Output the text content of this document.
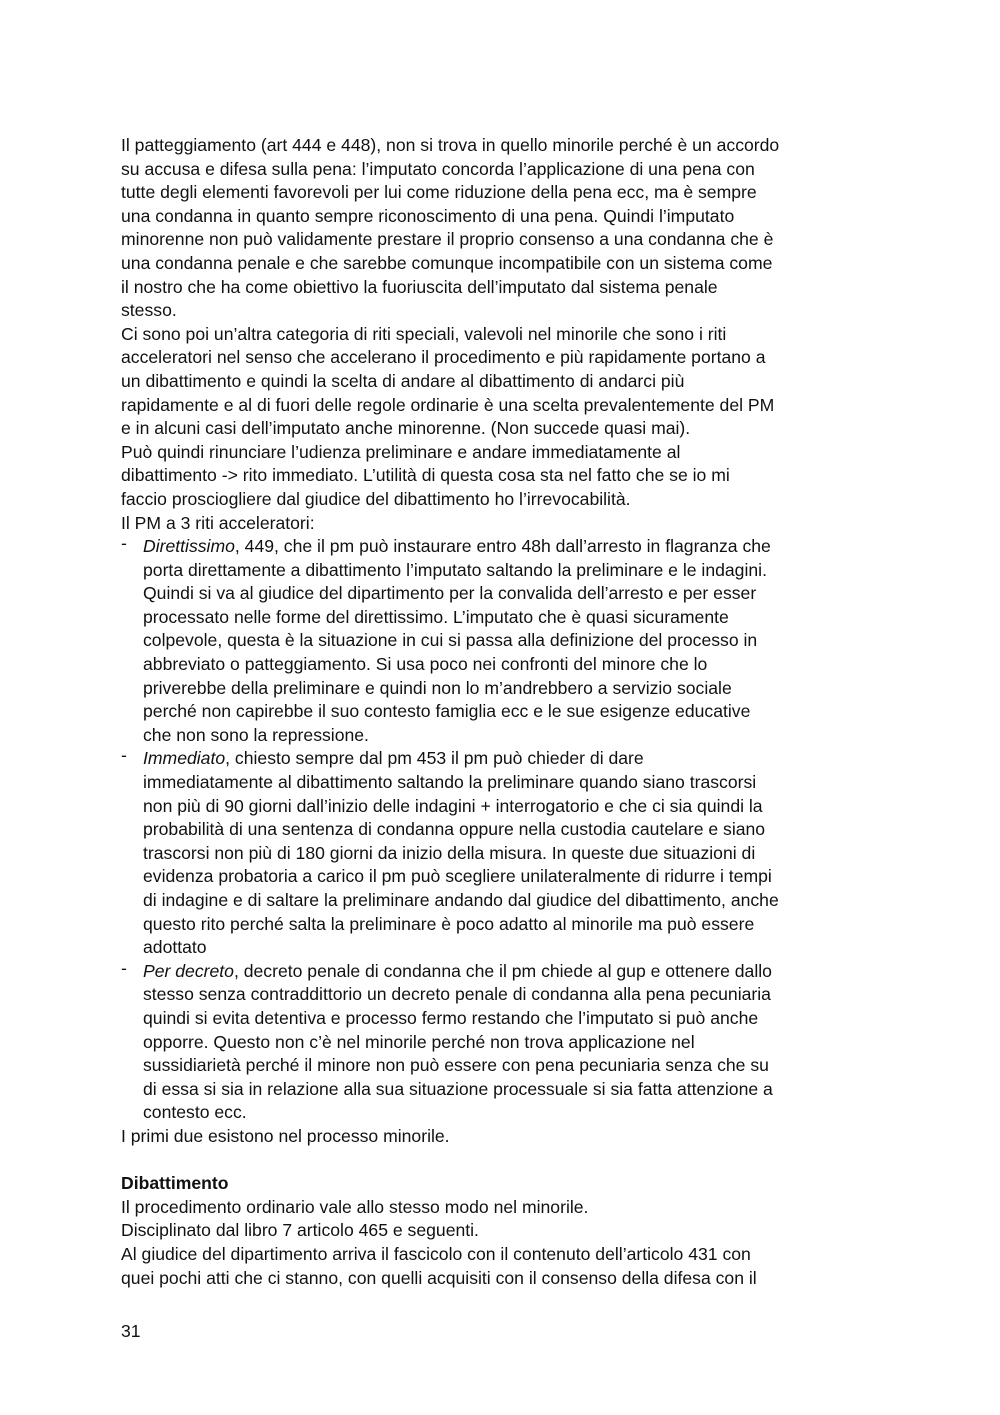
Il patteggiamento (art 444 e 448), non si trova in quello minorile perché è un accordo

su accusa e difesa sulla pena: l’imputato concorda l’applicazione di una pena con

tutte degli elementi favorevoli per lui come riduzione della pena ecc, ma è sempre

una condanna in quanto sempre riconoscimento di una pena. Quindi l’imputato

minorenne non può validamente prestare il proprio consenso a una condanna che è

una condanna penale e che sarebbe comunque incompatibile con un sistema come

il nostro che ha come obiettivo la fuoriuscita dell’imputato dal sistema penale

stesso.

Ci sono poi un’altra categoria di riti speciali, valevoli nel minorile che sono i riti

acceleratori nel senso che accelerano il procedimento e più rapidamente portano a

un dibattimento e quindi la scelta di andare al dibattimento di andarci più

rapidamente e al di fuori delle regole ordinarie è una scelta prevalentemente del PM

e in alcuni casi dell’imputato anche minorenne. (Non succede quasi mai).

Può quindi rinunciare l’udienza preliminare e andare immediatamente al

dibattimento -> rito immediato. L’utilità di questa cosa sta nel fatto che se io mi

faccio prosciogliere dal giudice del dibattimento ho l’irrevocabilità.

Il PM a 3 riti acceleratori:

- Direttissimo, 449, che il pm può instaurare entro 48h dall’arresto in flagranza che
porta direttamente a dibattimento l’imputato saltando la preliminare e le indagini.
Quindi si va al giudice del dipartimento per la convalida dell’arresto e per esser
processato nelle forme del direttissimo. L’imputato che è quasi sicuramente
colpevole, questa è la situazione in cui si passa alla definizione del processo in
abbreviato o patteggiamento. Si usa poco nei confronti del minore che lo
priverebbe della preliminare e quindi non lo m’andrebbero a servizio sociale
perché non capirebbe il suo contesto famiglia ecc e le sue esigenze educative
che non sono la repressione.
- Immediato, chiesto sempre dal pm 453 il pm può chieder di dare
immediatamente al dibattimento saltando la preliminare quando siano trascorsi
non più di 90 giorni dall’inizio delle indagini + interrogatorio e che ci sia quindi la
probabilità di una sentenza di condanna oppure nella custodia cautelare e siano
trascorsi non più di 180 giorni da inizio della misura. In queste due situazioni di
evidenza probatoria a carico il pm può scegliere unilateralmente di ridurre i tempi
di indagine e di saltare la preliminare andando dal giudice del dibattimento, anche
questo rito perché salta la preliminare è poco adatto al minorile ma può essere
adottato
- Per decreto, decreto penale di condanna che il pm chiede al gup e ottenere dallo
stesso senza contraddittorio un decreto penale di condanna alla pena pecuniaria
quindi si evita detentiva e processo fermo restando che l’imputato si può anche
opporre. Questo non c’è nel minorile perché non trova applicazione nel
sussidiarietà perché il minore non può essere con pena pecuniaria senza che su
di essa si sia in relazione alla sua situazione processuale si sia fatta attenzione a
contesto ecc.

I primi due esistono nel processo minorile.

Dibattimento

Il procedimento ordinario vale allo stesso modo nel minorile.

Disciplinato dal libro 7 articolo 465 e seguenti.

Al giudice del dipartimento arriva il fascicolo con il contenuto dell’articolo 431 con

quei pochi atti che ci stanno, con quelli acquisiti con il consenso della difesa con il

31
